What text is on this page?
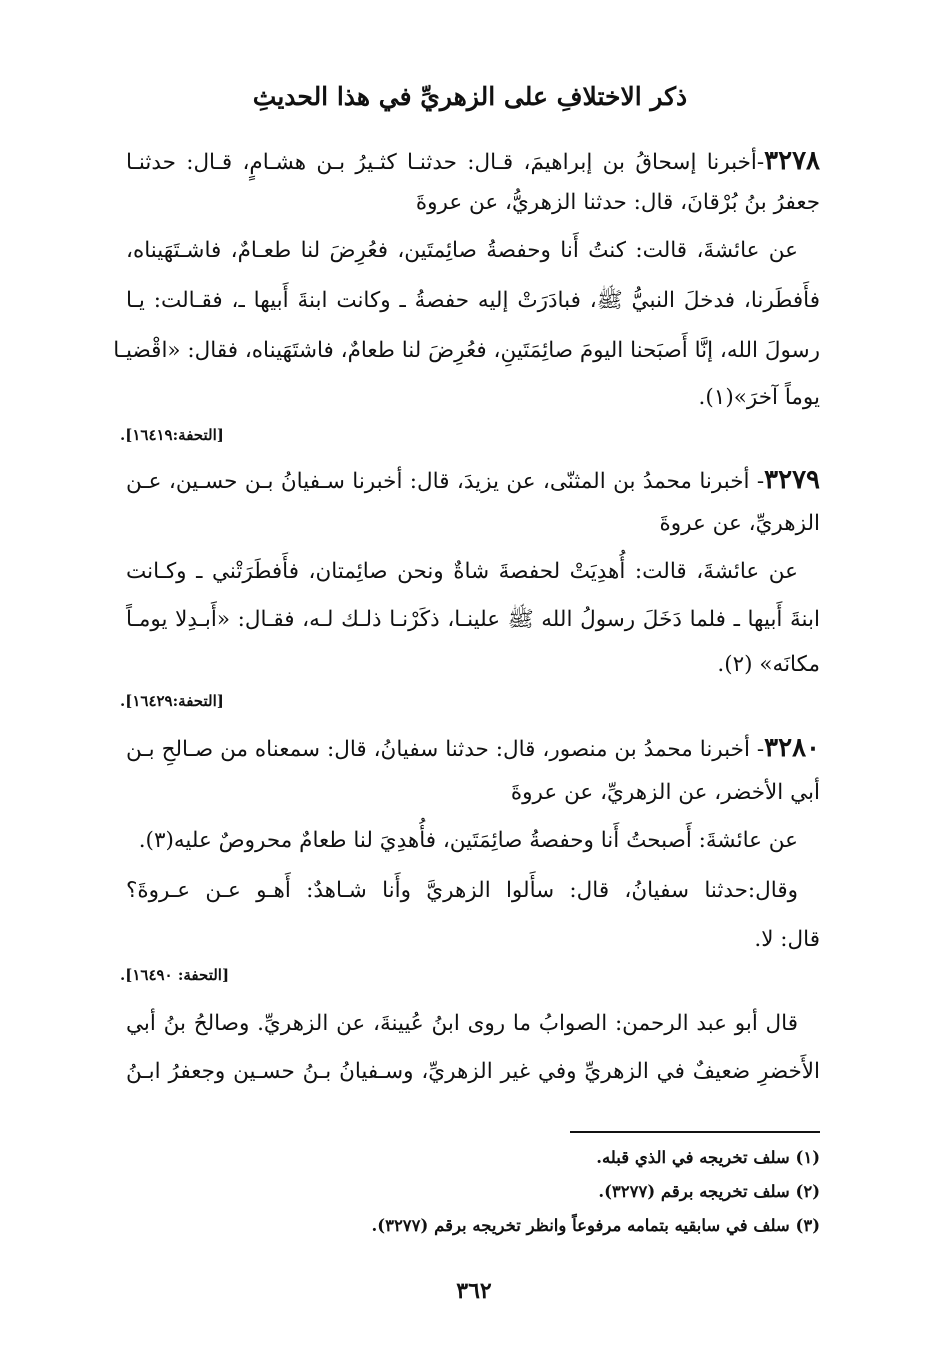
ذكر الاختلافِ على الزهريِّ في هذا الحديثِ
٣٢٧٨-أخبرنا إسحاقُ بن إبراهيمَ، قـال: حدثنـا كثـيرُ بـن هشـامٍ، قـال: حدثنـا
جعفرُ بنُ بُرْقانَ، قال: حدثنا الزهريُّ، عن عروةَ
عن عائشةَ، قالت: كنتُ أَنا وحفصةُ صائِمتَين، فعُرِضَ لنا طعـامٌ، فاشـتَهَيناه،
فأَفطَرنا، فدخلَ النبيُّ ﷺ، فبادَرَتْ إليه حفصةُ ـ وكانت ابنةَ أَبيها ـ، فقـالت: يـا
رسولَ الله، إنَّا أَصبَحنا اليومَ صائِمَتَينِ، فعُرِضَ لنا طعامٌ، فاشتَهَيناه، فقال: «اقْضيـا
يوماً آخرَ»(١).
[التحفة:١٦٤١٩].
٣٢٧٩- أخبرنا محمدُ بن المثنّى، عن يزيدَ، قال: أخبرنا سـفيانُ بـن حسـين، عـن
الزهريِّ، عن عروةَ
عن عائشةَ، قالت: أُهدِيَتْ لحفصةَ شاةٌ ونحن صائِمتان، فأَفطَرَتْني ـ وكـانت
ابنةَ أَبيها ـ فلما دَخَلَ رسولُ الله ﷺ علينـا، ذكَرْنـا ذلـك لـه، فقـال: «أَبـدِلا يومـاً
مكانَه» (٢).
[التحفة:١٦٤٢٩].
٣٢٨٠- أخبرنا محمدُ بن منصور، قال: حدثنا سفيانُ، قال: سمعناه من صـالحِ بـن
أبي الأخضر، عن الزهريِّ، عن عروةَ
عن عائشةَ: أَصبحتُ أَنا وحفصةُ صائِمَتَين، فأُهدِيَ لنا طعامٌ محروصٌ عليه(٣).
وقال:حدثنا سفيانُ، قال: سأَلوا الزهريَّ وأَنا شـاهدٌ: أَهـو عـن عـروةَ؟
قال: لا.
[التحفة: ١٦٤٩٠].
قال أبو عبد الرحمن: الصوابُ ما روى ابنُ عُيينةَ، عن الزهريِّ. وصالحُ بنُ أبي
الأَخضرِ ضعيفٌ في الزهريِّ وفي غير الزهريِّ، وسـفيانُ بـنُ حسـين وجعفرُ ابـنُ
(١) سلف تخريجه في الذي قبله.
(٢) سلف تخريجه برقم (٣٢٧٧).
(٣) سلف في سابقيه بتمامه مرفوعاً وانظر تخريجه برقم (٣٢٧٧).
٣٦٢
